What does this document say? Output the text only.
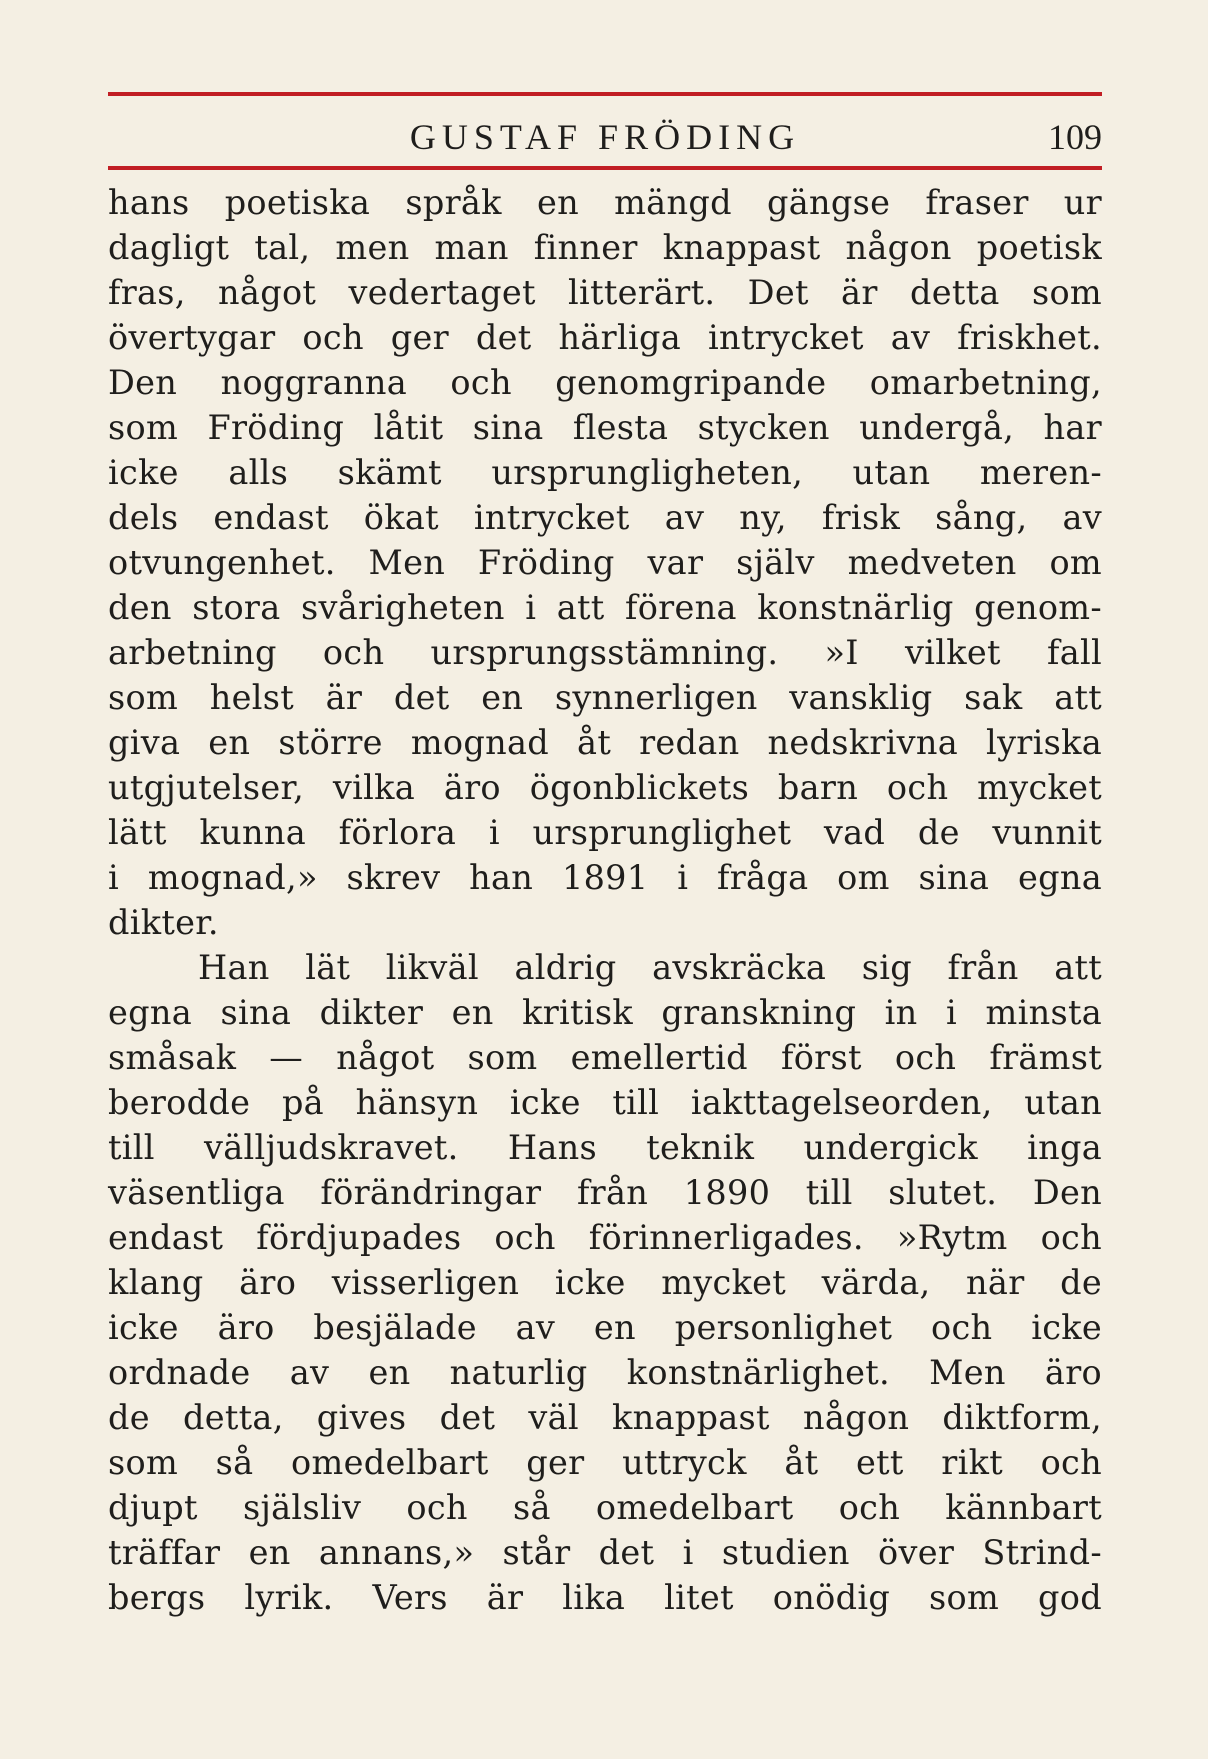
GUSTAF FRÖDING	109
hans poetiska språk en mängd gängse fraser ur
dagligt tal, men man finner knappast någon poetisk
fras, något vedertaget litterärt. Det är detta som
övertygar och ger det härliga intrycket av friskhet.
Den noggranna och genomgripande omarbetning,
som Fröding låtit sina flesta stycken undergå, har
icke alls skämt ursprungligheten, utan meren-
dels endast ökat intrycket av ny, frisk sång, av
otvungenhet. Men Fröding var själv medveten om
den stora svårigheten i att förena konstnärlig genom-
arbetning och ursprungsstämning. »I vilket fall
som helst är det en synnerligen vansklig sak att
giva en större mognad åt redan nedskrivna lyriska
utgjutelser, vilka äro ögonblickets barn och mycket
lätt kunna förlora i ursprunglighet vad de vunnit
i mognad,» skrev han 1891 i fråga om sina egna
dikter.
Han lät likväl aldrig avskräcka sig från att
egna sina dikter en kritisk granskning in i minsta
småsak — något som emellertid först och främst
berodde på hänsyn icke till iakttagelseorden, utan
till välljudskravet. Hans teknik undergick inga
väsentliga förändringar från 1890 till slutet. Den
endast fördjupades och förinnerligades. »Rytm och
klang äro visserligen icke mycket värda, när de
icke äro besjälade av en personlighet och icke
ordnade av en naturlig konstnärlighet. Men äro
de detta, gives det väl knappast någon diktform,
som så omedelbart ger uttryck åt ett rikt och
djupt själsliv och så omedelbart och kännbart
träffar en annans,» står det i studien över Strind-
bergs lyrik. Vers är lika litet onödig som god
